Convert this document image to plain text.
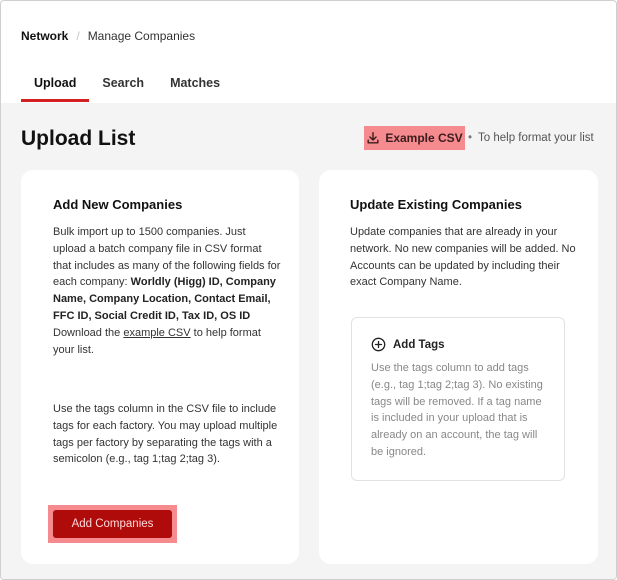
Network / Manage Companies
Upload	Search	Matches
Upload List	Example CSV • To help format your list
Add New Companies
Bulk import up to 1500 companies. Just upload a batch company file in CSV format that includes as many of the following fields for each company: Worldly (Higg) ID, Company Name, Company Location, Contact Email, FFC ID, Social Credit ID, Tax ID, OS ID Download the example CSV to help format your list.
Use the tags column in the CSV file to include tags for each factory. You may upload multiple tags per factory by separating the tags with a semicolon (e.g., tag 1;tag 2;tag 3).
Add Companies
Update Existing Companies
Update companies that are already in your network. No new companies will be added. No Accounts can be updated by including their exact Company Name.
Add Tags
Use the tags column to add tags (e.g., tag 1;tag 2;tag 3). No existing tags will be removed. If a tag name is included in your upload that is already on an account, the tag will be ignored.
